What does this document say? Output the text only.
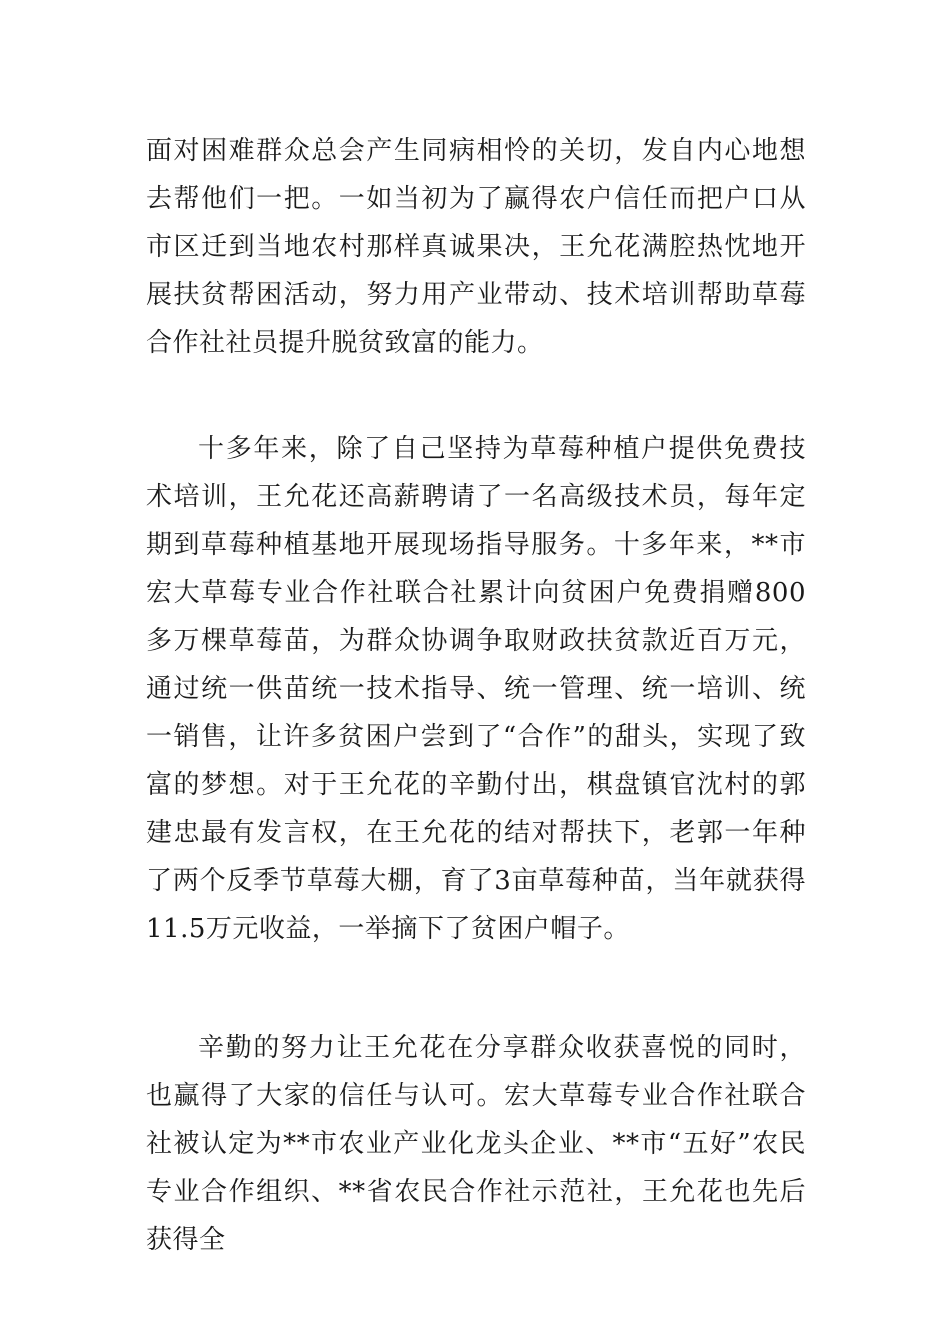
面对困难群众总会产生同病相怜的关切，发自内心地想去帮他们一把。一如当初为了赢得农户信任而把户口从市区迁到当地农村那样真诚果决，王允花满腔热忱地开展扶贫帮困活动，努力用产业带动、技术培训帮助草莓合作社社员提升脱贫致富的能力。

十多年来，除了自己坚持为草莓种植户提供免费技术培训，王允花还高薪聘请了一名高级技术员，每年定期到草莓种植基地开展现场指导服务。十多年来，**市宏大草莓专业合作社联合社累计向贫困户免费捐赠800多万棵草莓苗，为群众协调争取财政扶贫款近百万元，通过统一供苗统一技术指导、统一管理、统一培训、统一销售，让许多贫困户尝到了“合作”的甜头，实现了致富的梦想。对于王允花的辛勤付出，棋盘镇官沈村的郭建忠最有发言权，在王允花的结对帮扶下，老郭一年种了两个反季节草莓大棚，育了3亩草莓种苗，当年就获得11.5万元收益，一举摘下了贫困户帽子。

辛勤的努力让王允花在分享群众收获喜悦的同时，也赢得了大家的信任与认可。宏大草莓专业合作社联合社被认定为**市农业产业化龙头企业、**市“五好”农民专业合作组织、**省农民合作社示范社，王允花也先后获得全
